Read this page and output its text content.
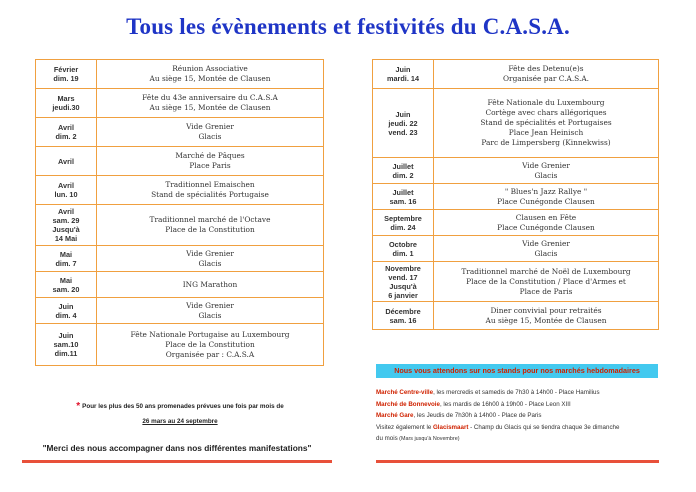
Tous les évènements et festivités du C.A.S.A.
Février
dim. 19	Réunion Associative
Au siège 15, Montée de Clausen

Mars
jeudi.30	Fête du 43e anniversaire du C.A.S.A
Au siège 15, Montée de Clausen

Avril
dim. 2	Vide Grenier
Glacis

Avril	Marché de Pâques
Place Paris

Avril
lun. 10	Traditionnel Emaischen
Stand de spécialités Portugaise

Avril
sam. 29
Jusqu'à
14 Mai	Traditionnel marché de l'Octave
Place de la Constitution

Mai
dim. 7	Vide Grenier
Glacis

Mai
sam. 20	ING Marathon

Juin
dim. 4	Vide Grenier
Glacis

Juin
sam.10
dim.11	Fête Nationale Portugaise au Luxembourg
Place de la Constitution
Organisée par : C.A.S.A
Juin
mardi. 14	Fête des Detenu(e)s
Organisée par C.A.S.A.

Juin
jeudi. 22
vend. 23	Fête Nationale du Luxembourg
Cortège avec chars allégoriques
Stand de spécialités et Portugaises
Place Jean Heinisch
Parc de Limpersberg (Kinnekwiss)

Juillet
dim. 2	Vide Grenier
Glacis

Juillet
sam. 16	" Blues'n Jazz Rallye "
Place Cunégonde Clausen

Septembre
dim. 24	Clausen en Fête
Place Cunégonde Clausen

Octobre
dim. 1	Vide Grenier
Glacis

Novembre
vend. 17
Jusqu'à
6 janvier	Traditionnel marché de Noël de Luxembourg
Place de la Constitution / Place d'Armes et
Place de Paris

Décembre
sam. 16	Diner convivial pour retraités
Au siège 15, Montée de Clausen
* Pour les plus des 50 ans promenades prévues une fois par mois de
26 mars au 24 septembre
"Merci des nous accompagner dans nos différentes manifestations"
Nous vous attendons sur nos stands pour nos marchés hebdomadaires
Marché Centre-ville, les mercredis et samedis de 7h30 à 14h00 - Place Hamilius
Marché de Bonnevoie, les mardis de 16h00 à 19h00 - Place Leon XIII
Marché Gare, les Jeudis de 7h30h à 14h00 - Place de Paris
Visitez également le Glacismaart - Champ du Glacis qui se tiendra chaque 3e dimanche
du mois (Mars jusqu'à Novembre)
